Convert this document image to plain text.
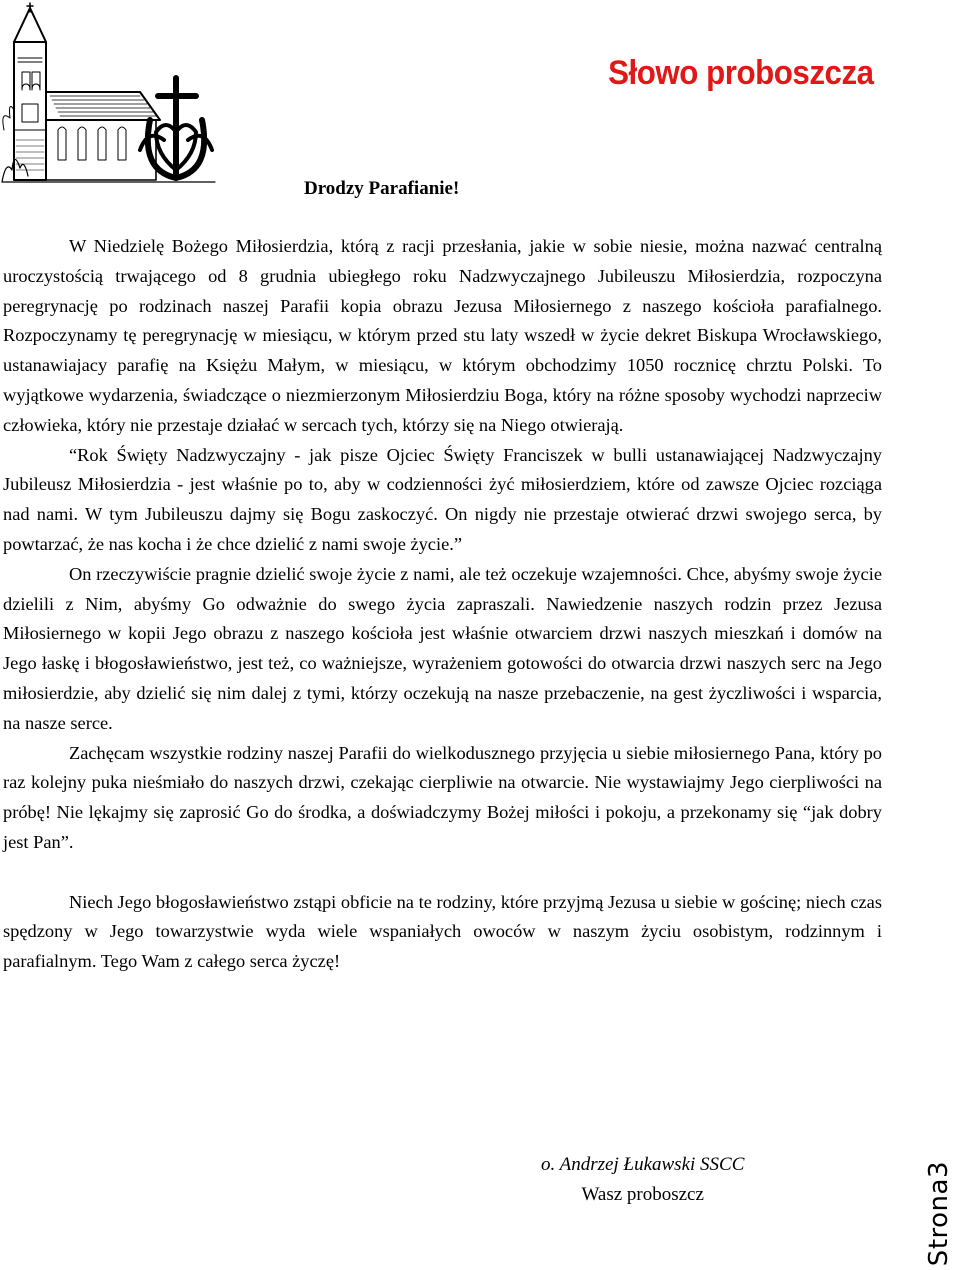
Słowo proboszcza
Drodzy Parafianie!

W Niedzielę Bożego Miłosierdzia, którą z racji przesłania, jakie w sobie niesie, można nazwać centralną uroczystością trwającego od 8 grudnia ubiegłego roku Nadzwyczajnego Jubileuszu Miłosierdzia, rozpoczyna peregrynację po rodzinach naszej Parafii kopia obrazu Jezusa Miłosiernego z naszego kościoła parafialnego. Rozpoczynamy tę peregrynację w miesiącu, w którym przed stu laty wszedł w życie dekret Biskupa Wrocławskiego, ustanawiajacy parafię na Księżu Małym, w miesiącu, w którym obchodzimy 1050 rocznicę chrztu Polski. To wyjątkowe wydarzenia, świadczące o niezmierzonym Miłosierdziu Boga, który na różne sposoby wychodzi naprzeciw człowieka, który nie przestaje działać w sercach tych, którzy się na Niego otwierają.

“Rok Święty Nadzwyczajny - jak pisze Ojciec Święty Franciszek w bulli ustanawiającej Nadzwyczajny Jubileusz Miłosierdzia - jest właśnie po to, aby w codzienności żyć miłosierdziem, które od zawsze Ojciec rozciąga nad nami. W tym Jubileuszu dajmy się Bogu zaskoczyć. On nigdy nie przestaje otwierać drzwi swojego serca, by powtarzać, że nas kocha i że chce dzielić z nami swoje życie.”

On rzeczywiście pragnie dzielić swoje życie z nami, ale też oczekuje wzajemności. Chce, abyśmy swoje życie dzielili z Nim, abyśmy Go odważnie do swego życia zapraszali. Nawiedzenie naszych rodzin przez Jezusa Miłosiernego w kopii Jego obrazu z naszego kościoła jest właśnie otwarciem drzwi naszych mieszkań i domów na Jego łaskę i błogosławieństwo, jest też, co ważniejsze, wyrażeniem gotowości do otwarcia drzwi naszych serc na Jego miłosierdzie, aby dzielić się nim dalej z tymi, którzy oczekują na nasze przebaczenie, na gest życzliwości i wsparcia, na nasze serce.

Zachęcam wszystkie rodziny naszej Parafii do wielkodusznego przyjęcia u siebie miłosiernego Pana, który po raz kolejny puka nieśmiało do naszych drzwi, czekając cierpliwie na otwarcie. Nie wystawiajmy Jego cierpliwości na próbę! Nie lękajmy się zaprosić Go do środka, a doświadczymy Bożej miłości i pokoju, a przekonamy się “jak dobry jest Pan”.

Niech Jego błogosławieństwo zstąpi obficie na te rodziny, które przyjmą Jezusa u siebie w gościnę; niech czas spędzony w Jego towarzystwie wyda wiele wspaniałych owoców w naszym życiu osobistym, rodzinnym i parafialnym. Tego Wam z całego serca życzę!

o. Andrzej Łukawski SSCC
Wasz proboszcz	Strona3
